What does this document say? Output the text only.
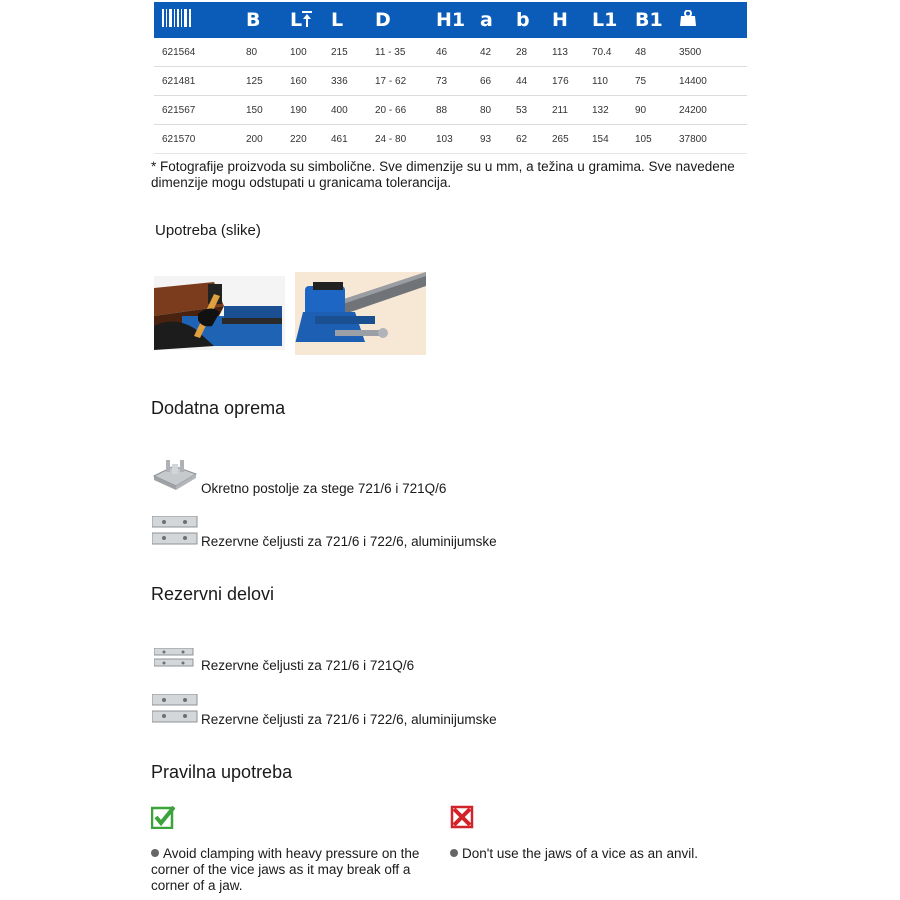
	B	L	L	D	H1	a	b	H	L1	B1	
621564	80	100	215	11 - 35	46	42	28	113	70.4	48	3500
621481	125	160	336	17 - 62	73	66	44	176	110	75	14400
621567	150	190	400	20 - 66	88	80	53	211	132	90	24200
621570	200	220	461	24 - 80	103	93	62	265	154	105	37800
* Fotografije proizvoda su simbolične. Sve dimenzije su u mm, a težina u gramima. Sve navedene dimenzije mogu odstupati u granicama tolerancija.
Upotreba (slike)
Dodatna oprema
Okretno postolje za stege 721/6 i 721Q/6
Rezervne čeljusti za 721/6 i 722/6, aluminijumske
Rezervni delovi
Rezervne čeljusti za 721/6 i 721Q/6
Rezervne čeljusti za 721/6 i 722/6, aluminijumske
Pravilna upotreba
Avoid clamping with heavy pressure on the corner of the vice jaws as it may break off a corner of a jaw.
Don't use the jaws of a vice as an anvil.
